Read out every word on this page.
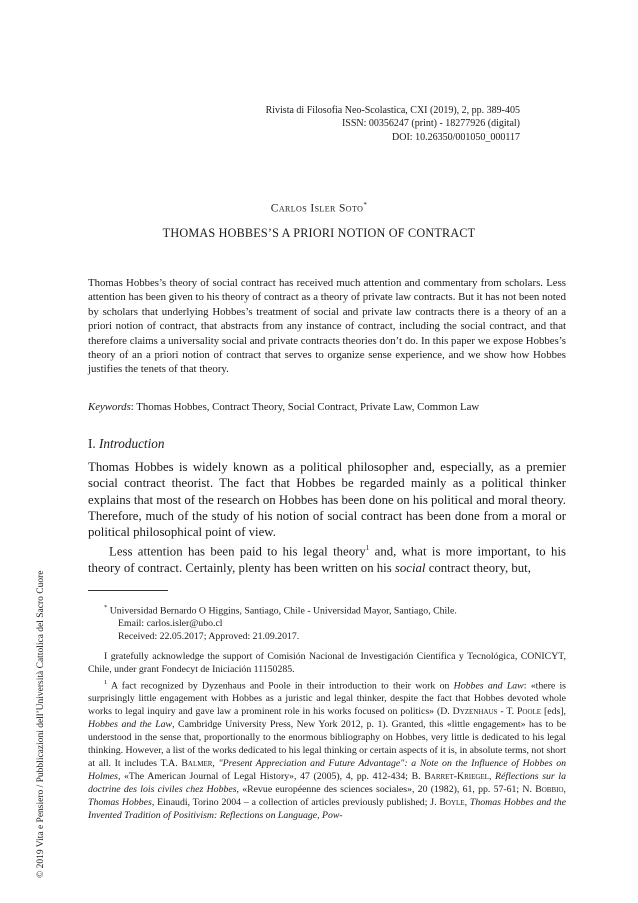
Rivista di Filosofia Neo-Scolastica, CXI (2019), 2, pp. 389-405
ISSN: 00356247 (print) - 18277926 (digital)
DOI: 10.26350/001050_000117
Carlos Isler Soto*
THOMAS HOBBES’S A PRIORI NOTION OF CONTRACT
Thomas Hobbes’s theory of social contract has received much attention and commentary from scholars. Less attention has been given to his theory of contract as a theory of private law contracts. But it has not been noted by scholars that underlying Hobbes’s treatment of social and private law contracts there is a theory of an a priori notion of contract, that abstracts from any instance of contract, including the social contract, and that therefore claims a universality social and private contracts theories don’t do. In this paper we expose Hobbes’s theory of an a priori notion of contract that serves to organize sense experience, and we show how Hobbes justifies the tenets of that theory.
Keywords: Thomas Hobbes, Contract Theory, Social Contract, Private Law, Common Law
I. Introduction

Thomas Hobbes is widely known as a political philosopher and, especially, as a premier social contract theorist. The fact that Hobbes be regarded mainly as a political thinker explains that most of the research on Hobbes has been done on his political and moral theory. Therefore, much of the study of his notion of social contract has been done from a moral or political philosophical point of view.

Less attention has been paid to his legal theory$^1$ and, what is more important, to his theory of contract. Certainly, plenty has been written on his social contract theory, but,

* Universidad Bernardo O Higgins, Santiago, Chile - Universidad Mayor, Santiago, Chile.
Email: carlos.isler@ubo.cl
Received: 22.05.2017; Approved: 21.09.2017.
I gratefully acknowledge the support of Comisión Nacional de Investigación Científica y Tecnológica, CONICYT, Chile, under grant Fondecyt de Iniciación 11150285.
$^1$ A fact recognized by Dyzenhaus and Poole in their introduction to their work on Hobbes and Law: «there is surprisingly little engagement with Hobbes as a juristic and legal thinker, despite the fact that Hobbes devoted whole works to legal inquiry and gave law a prominent role in his works focused on politics» (D. Dyzenhaus - T. Poole [eds], Hobbes and the Law, Cambridge University Press, New York 2012, p. 1). Granted, this «little engagement» has to be understood in the sense that, proportionally to the enormous bibliography on Hobbes, very little is dedicated to his legal thinking. However, a list of the works dedicated to his legal thinking or certain aspects of it is, in absolute terms, not short at all. It includes T.A. Balmer, "Present Appreciation and Future Advantage": a Note on the Influence of Hobbes on Holmes, «The American Journal of Legal History», 47 (2005), 4, pp. 412-434; B. Barret-Kriegel, Réflections sur la doctrine des lois civiles chez Hobbes, «Revue européenne des sciences sociales», 20 (1982), 61, pp. 57-61; N. Bobbio, Thomas Hobbes, Einaudi, Torino 2004 – a collection of articles previously published; J. Boyle, Thomas Hobbes and the Invented Tradition of Positivism: Reflections on Language, Pow-
© 2019 Vita e Pensiero / Pubblicazioni dell’Università Cattolica del Sacro Cuore
